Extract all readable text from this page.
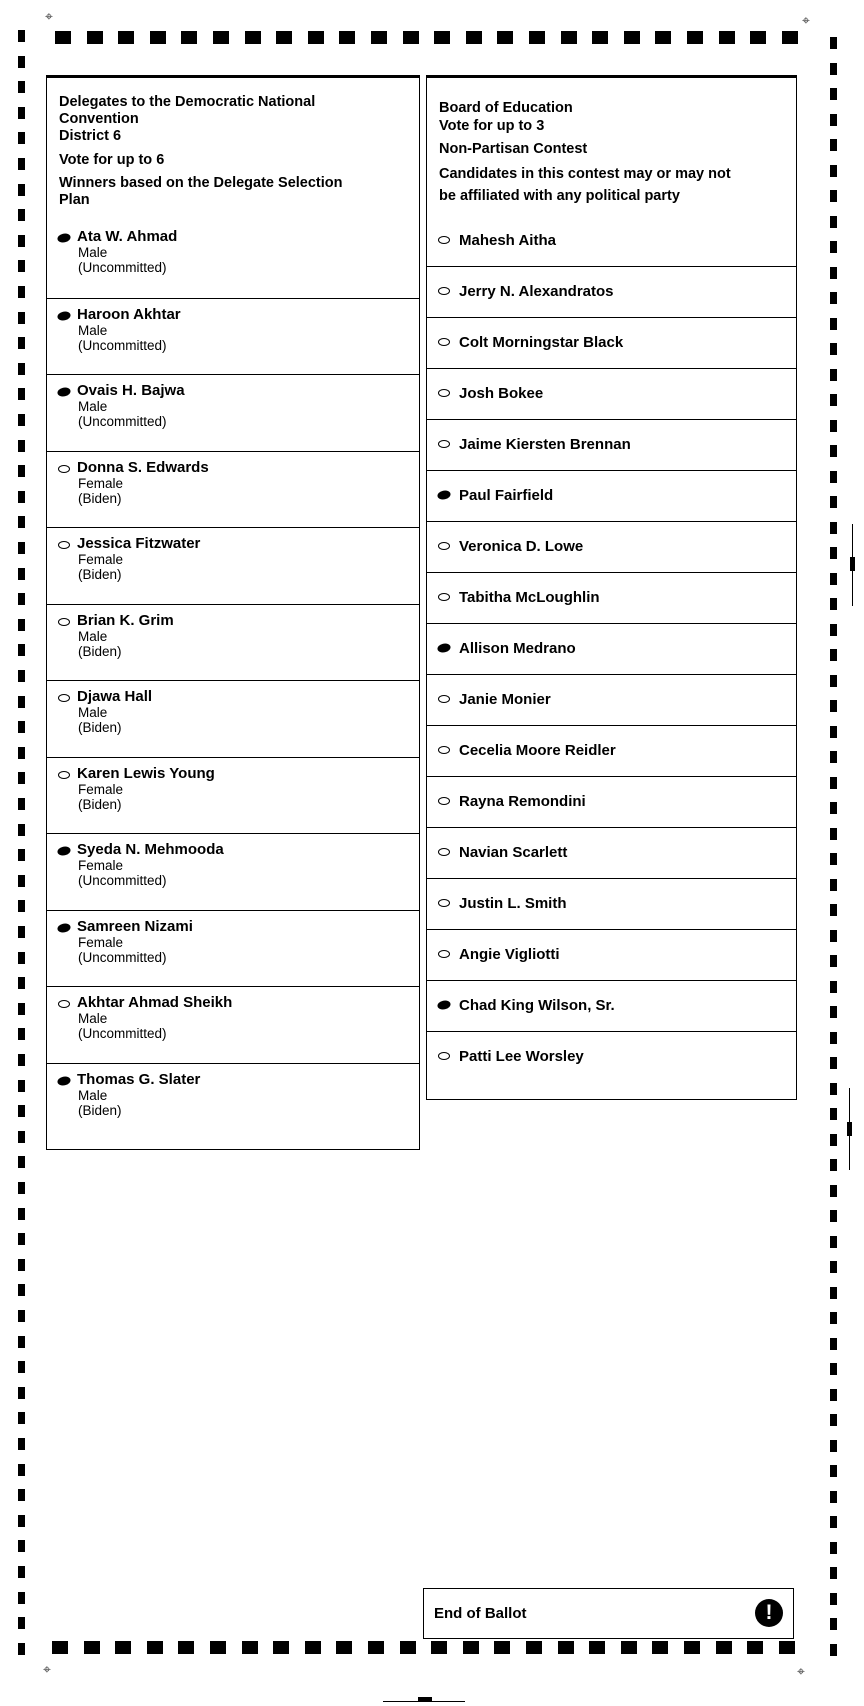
⌖	⌖
⌖	⌖
Delegates to the Democratic National
Convention
District 6
Vote for up to 6
Winners based on the Delegate Selection
Plan
Ata W. Ahmad
Male
(Uncommitted)
Haroon Akhtar
Male
(Uncommitted)
Ovais H. Bajwa
Male
(Uncommitted)
Donna S. Edwards
Female
(Biden)
Jessica Fitzwater
Female
(Biden)
Brian K. Grim
Male
(Biden)
Djawa Hall
Male
(Biden)
Karen Lewis Young
Female
(Biden)
Syeda N. Mehmooda
Female
(Uncommitted)
Samreen Nizami
Female
(Uncommitted)
Akhtar Ahmad Sheikh
Male
(Uncommitted)
Thomas G. Slater
Male
(Biden)
Board of Education
Vote for up to 3
Non-Partisan Contest
Candidates in this contest may or may not
be affiliated with any political party
Mahesh Aitha
Jerry N. Alexandratos
Colt Morningstar Black
Josh Bokee
Jaime Kiersten Brennan
Paul Fairfield
Veronica D. Lowe
Tabitha McLoughlin
Allison Medrano
Janie Monier
Cecelia Moore Reidler
Rayna Remondini
Navian Scarlett
Justin L. Smith
Angie Vigliotti
Chad King Wilson, Sr.
Patti Lee Worsley
End of Ballot	!
